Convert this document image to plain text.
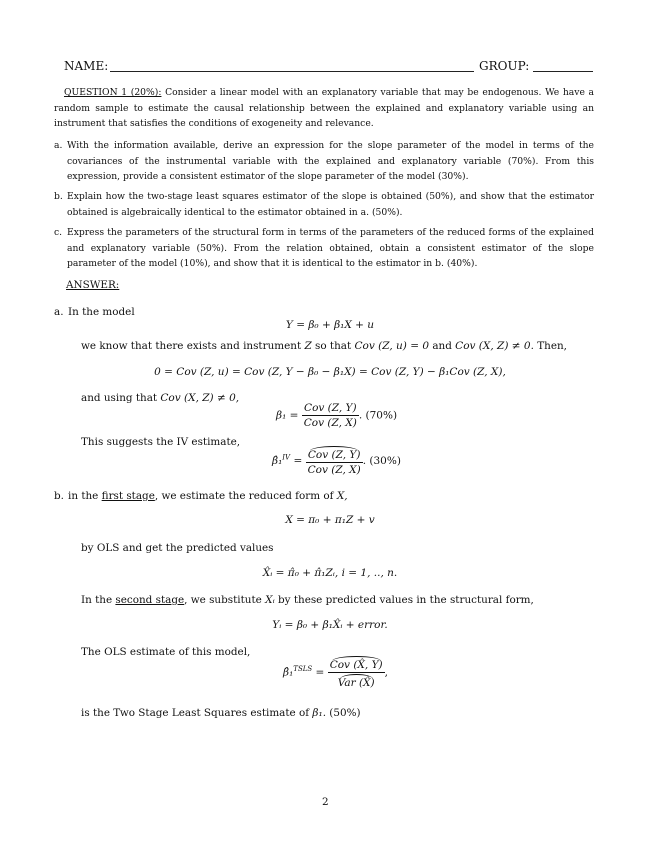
NAME:	GROUP:
QUESTION 1 (20%): Consider a linear model with an explanatory variable that may be endogenous. We have a random sample to estimate the causal relationship between the explained and explanatory variable using an instrument that satisfies the conditions of exogeneity and relevance.
a. With the information available, derive an expression for the slope parameter of the model in terms of the covariances of the instrumental variable with the explained and explanatory variable (70%). From this expression, provide a consistent estimator of the slope parameter of the model (30%).
b. Explain how the two-stage least squares estimator of the slope is obtained (50%), and show that the estimator obtained is algebraically identical to the estimator obtained in a. (50%).
c. Express the parameters of the structural form in terms of the parameters of the reduced forms of the explained and explanatory variable (50%). From the relation obtained, obtain a consistent estimator of the slope parameter of the model (10%), and show that it is identical to the estimator in b. (40%).
ANSWER:
a. In the model
Y = β₀ + β₁X + u
we know that there exists and instrument Z so that Cov (Z, u) = 0 and Cov (X, Z) ≠ 0. Then,
0 = Cov (Z, u) = Cov (Z, Y − β₀ − β₁X) = Cov (Z, Y) − β₁Cov (Z, X),
and using that Cov (X, Z) ≠ 0,
$\beta_1 = \frac{\text{Cov (Z, Y)}}{\text{Cov (Z, X)}}$ . (70%)
This suggests the IV estimate,
β̂₁$^{IV}$ = $\frac{\text{Cov (Z, Y)}}{\text{Cov (Z, X)}}$ . (30%)
b. in the first stage, we estimate the reduced form of X,
X = π₀ + π₁Z + v
by OLS and get the predicted values
X̂ᵢ = π̂₀ + π̂₁Zᵢ, i = 1, .., n.
In the second stage, we substitute Xᵢ by these predicted values in the structural form,
Yᵢ = β₀ + β₁X̂ᵢ + error.
The OLS estimate of this model,
β̂₁$^{TSLS}$ = $\frac{\text{Cov (X̂, Y)}}{\text{Var (X̂)}}$ ,
is the Two Stage Least Squares estimate of β₁. (50%)
2
